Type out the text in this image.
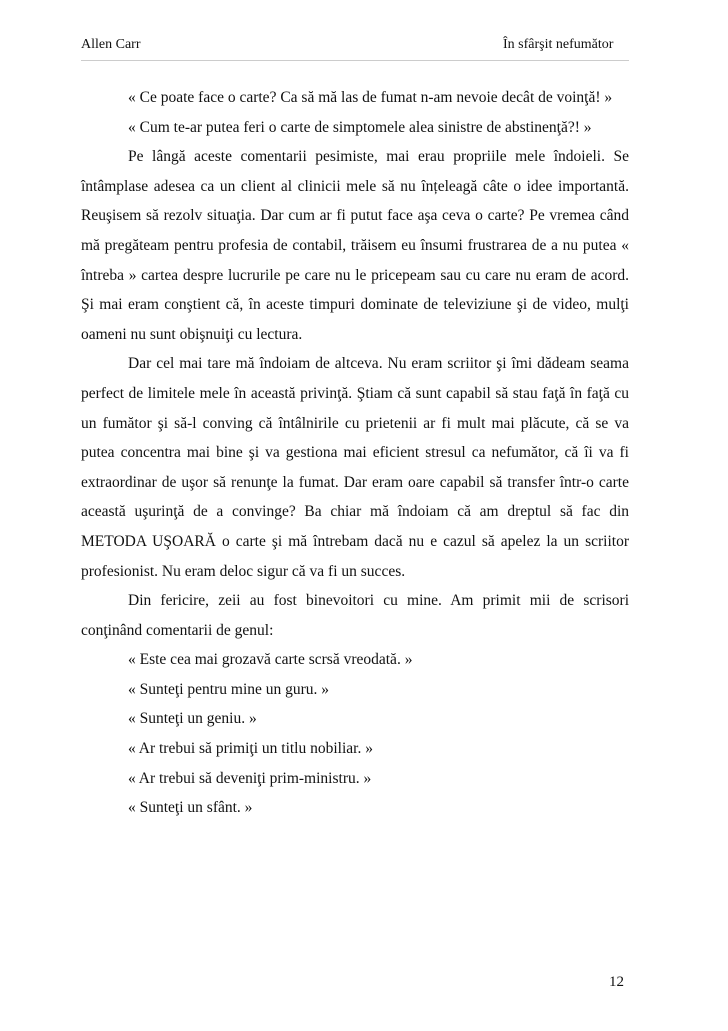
Allen Carr	În sfârşit nefumător

« Ce poate face o carte? Ca să mă las de fumat n-am nevoie decât de voinţă! »

« Cum te-ar putea feri o carte de simptomele alea sinistre de abstinenţă?! »

Pe lângă aceste comentarii pesimiste, mai erau propriile mele îndoieli. Se întâmplase adesea ca un client al clinicii mele să nu înțeleagă câte o idee importantă. Reuşisem să rezolv situaţia. Dar cum ar fi putut face aşa ceva o carte? Pe vremea când mă pregăteam pentru profesia de contabil, trăisem eu însumi frustrarea de a nu putea « întreba » cartea despre lucrurile pe care nu le pricepeam sau cu care nu eram de acord. Şi mai eram conştient că, în aceste timpuri dominate de televiziune şi de video, mulţi oameni nu sunt obişnuiţi cu lectura.

Dar cel mai tare mă îndoiam de altceva. Nu eram scriitor şi îmi dădeam seama perfect de limitele mele în această privinţă. Ştiam că sunt capabil să stau faţă în faţă cu un fumător şi să-l conving că întâlnirile cu prietenii ar fi mult mai plăcute, că se va putea concentra mai bine şi va gestiona mai eficient stresul ca nefumător, că îi va fi extraordinar de uşor să renunţe la fumat. Dar eram oare capabil să transfer într-o carte această uşurinţă de a convinge? Ba chiar mă îndoiam că am dreptul să fac din METODA UŞOARĂ o carte şi mă întrebam dacă nu e cazul să apelez la un scriitor profesionist. Nu eram deloc sigur că va fi un succes.

Din fericire, zeii au fost binevoitori cu mine. Am primit mii de scrisori conţinând comentarii de genul:

« Este cea mai grozavă carte scrsă vreodată. »

« Sunteţi pentru mine un guru. »

« Sunteţi un geniu. »

« Ar trebui să primiţi un titlu nobiliar. »

« Ar trebui să deveniţi prim-ministru. »

« Sunteţi un sfânt. »

12
